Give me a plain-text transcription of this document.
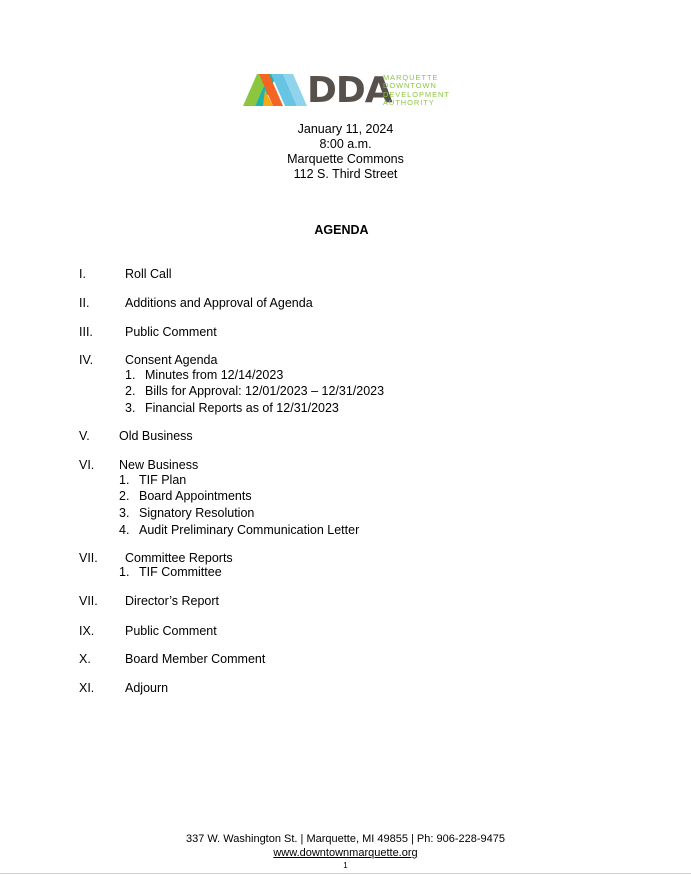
DDA
MARQUETTE
DOWNTOWN
DEVELOPMENT
AUTHORITY
January 11, 2024
8:00 a.m.
Marquette Commons
112 S. Third Street
AGENDA
I.	Roll Call
II.	Additions and Approval of Agenda
III.	Public Comment
IV.	Consent Agenda
1. Minutes from 12/14/2023
2. Bills for Approval: 12/01/2023 – 12/31/2023
3. Financial Reports as of 12/31/2023
V. Old Business
VI. New Business
1. TIF Plan
2. Board Appointments
3. Signatory Resolution
4. Audit Preliminary Communication Letter
VII. Committee Reports
1. TIF Committee
VII. Director’s Report
IX. Public Comment
X.	Board Member Comment
XI. Adjourn
337 W. Washington St. | Marquette, MI 49855 | Ph: 906-228-9475
www.downtownmarquette.org
1
